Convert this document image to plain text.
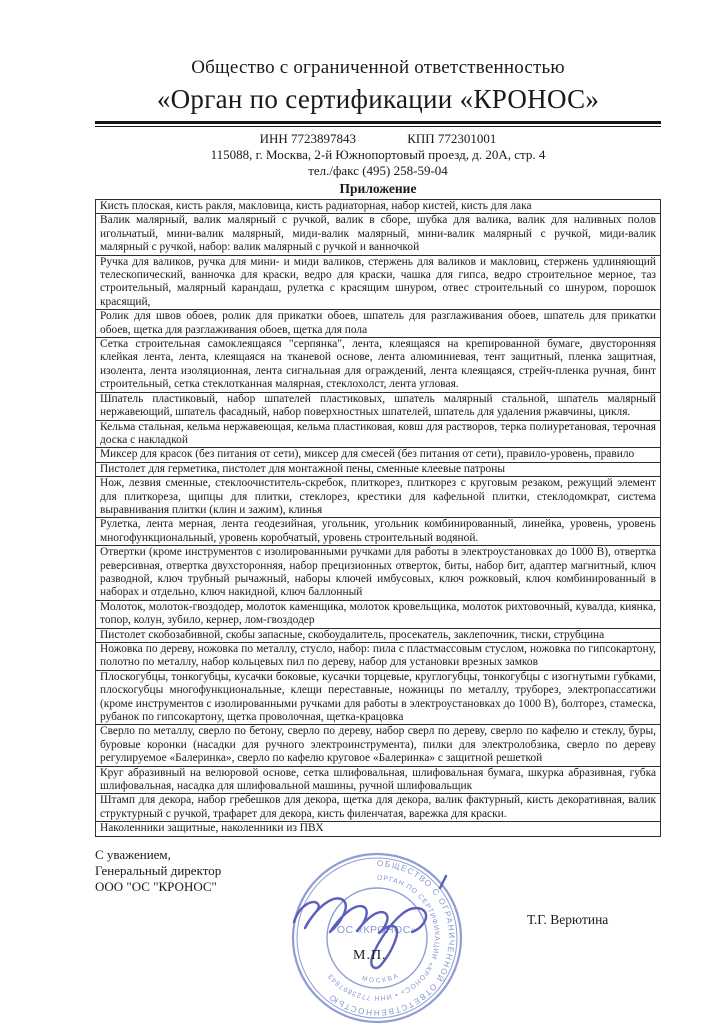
Общество с ограниченной ответственностью
«Орган по сертификации «КРОНОС»
ИНН 7723897843	КПП 772301001
115088, г. Москва, 2-й Южнопортовый проезд, д. 20А, стр. 4
тел./факс (495) 258-59-04
Приложение
Кисть плоская, кисть ракля, макловица, кисть радиаторная, набор кистей, кисть для лака
Валик малярный, валик малярный с ручкой, валик в сборе, шубка для валика, валик для наливных полов игольчатый, мини-валик малярный, миди-валик малярный, мини-валик малярный с ручкой, миди-валик малярный с ручкой, набор: валик малярный с ручкой и ванночкой
Ручка для валиков, ручка для мини- и миди валиков, стержень для валиков и макловиц, стержень удлиняющий телескопический, ванночка для краски, ведро для краски, чашка для гипса, ведро строительное мерное, таз строительный, малярный карандаш, рулетка с красящим шнуром, отвес строительный со шнуром, порошок красящий,
Ролик для швов обоев, ролик для прикатки обоев, шпатель для разглаживания обоев, шпатель для прикатки обоев, щетка для разглаживания обоев, щетка для пола
Сетка строительная самоклеящаяся "серпянка", лента, клеящаяся на крепированной бумаге, двусторонняя клейкая лента, лента, клеящаяся на тканевой основе, лента алюминиевая, тент защитный, пленка защитная, изолента, лента изоляционная, лента сигнальная для ограждений, лента клеящаяся, стрейч-пленка ручная, бинт строительный, сетка стеклотканная малярная, стеклохолст, лента угловая.
Шпатель пластиковый, набор шпателей пластиковых, шпатель малярный стальной, шпатель малярный нержавеющий, шпатель фасадный, набор поверхностных шпателей, шпатель для удаления ржавчины, цикля.
Кельма стальная, кельма нержавеющая, кельма пластиковая, ковш для растворов, терка полиуретановая, терочная доска с накладкой
Миксер для красок (без питания от сети), миксер для смесей (без питания от сети), правило-уровень, правило
Пистолет для герметика, пистолет для монтажной пены, сменные клеевые патроны
Нож, лезвия сменные, стеклоочиститель-скребок, плиткорез, плиткорез с круговым резаком, режущий элемент для плиткореза, щипцы для плитки, стеклорез, крестики для кафельной плитки, стеклодомкрат, система выравнивания плитки (клин и зажим), клинья
Рулетка, лента мерная, лента геодезийная, угольник, угольник комбинированный, линейка, уровень, уровень многофункциональный, уровень коробчатый, уровень строительный водяной.
Отвертки (кроме инструментов с изолированными ручками для работы в электроустановках до 1000 В), отвертка реверсивная, отвертка двухсторонняя, набор прецизионных отверток, биты, набор бит, адаптер магнитный, ключ разводной, ключ трубный рычажный, наборы ключей имбусовых, ключ рожковый, ключ комбинированный в наборах и отдельно, ключ накидной, ключ баллонный
Молоток, молоток-гвоздодер, молоток каменщика, молоток кровельщика, молоток рихтовочный, кувалда, киянка, топор, колун, зубило, кернер, лом-гвоздодер
Пистолет скобозабивной, скобы запасные, скобоудалитель, просекатель, заклепочник, тиски, струбцина
Ножовка по дереву, ножовка по металлу, стусло, набор: пила с пластмассовым стуслом, ножовка по гипсокартону, полотно по металлу, набор кольцевых пил по дереву, набор для установки врезных замков
Плоскогубцы, тонкогубцы, кусачки боковые, кусачки торцевые, круглогубцы, тонкогубцы с изогнутыми губками, плоскогубцы многофункциональные, клещи переставные, ножницы по металлу, труборез, электропассатижи (кроме инструментов с изолированными ручками для работы в электроустановках до 1000 В), болторез, стамеска, рубанок по гипсокартону, щетка проволочная, щетка-крацовка
Сверло по металлу, сверло по бетону, сверло по дереву, набор сверл по дереву, сверло по кафелю и стеклу, буры, буровые коронки (насадки для ручного электроинструмента), пилки для электролобзика, сверло по дереву регулируемое «Балеринка», сверло по кафелю круговое «Балеринка» с защитной решеткой
Круг абразивный на велюровой основе, сетка шлифовальная, шлифовальная бумага, шкурка абразивная, губка шлифовальная, насадка для шлифовальной машины, ручной шлифовальщик
Штамп для декора, набор гребешков для декора, щетка для декора, валик фактурный, кисть декоративная, валик структурный с ручкой, трафарет для декора, кисть филенчатая, варежка для краски.
Наколенники защитные, наколенники из ПВХ
С уважением,
Генеральный директор
ООО "ОС "КРОНОС"
ОБЩЕСТВО С ОГРАНИЧЕННОЙ ОТВЕТСТВЕННОСТЬЮ
ОРГАН ПО СЕРТИФИКАЦИИ «КРОНОС» • ИНН 7723897843
ОС «КРОНОС»
МОСКВА
М.П.
Т.Г. Верютина
